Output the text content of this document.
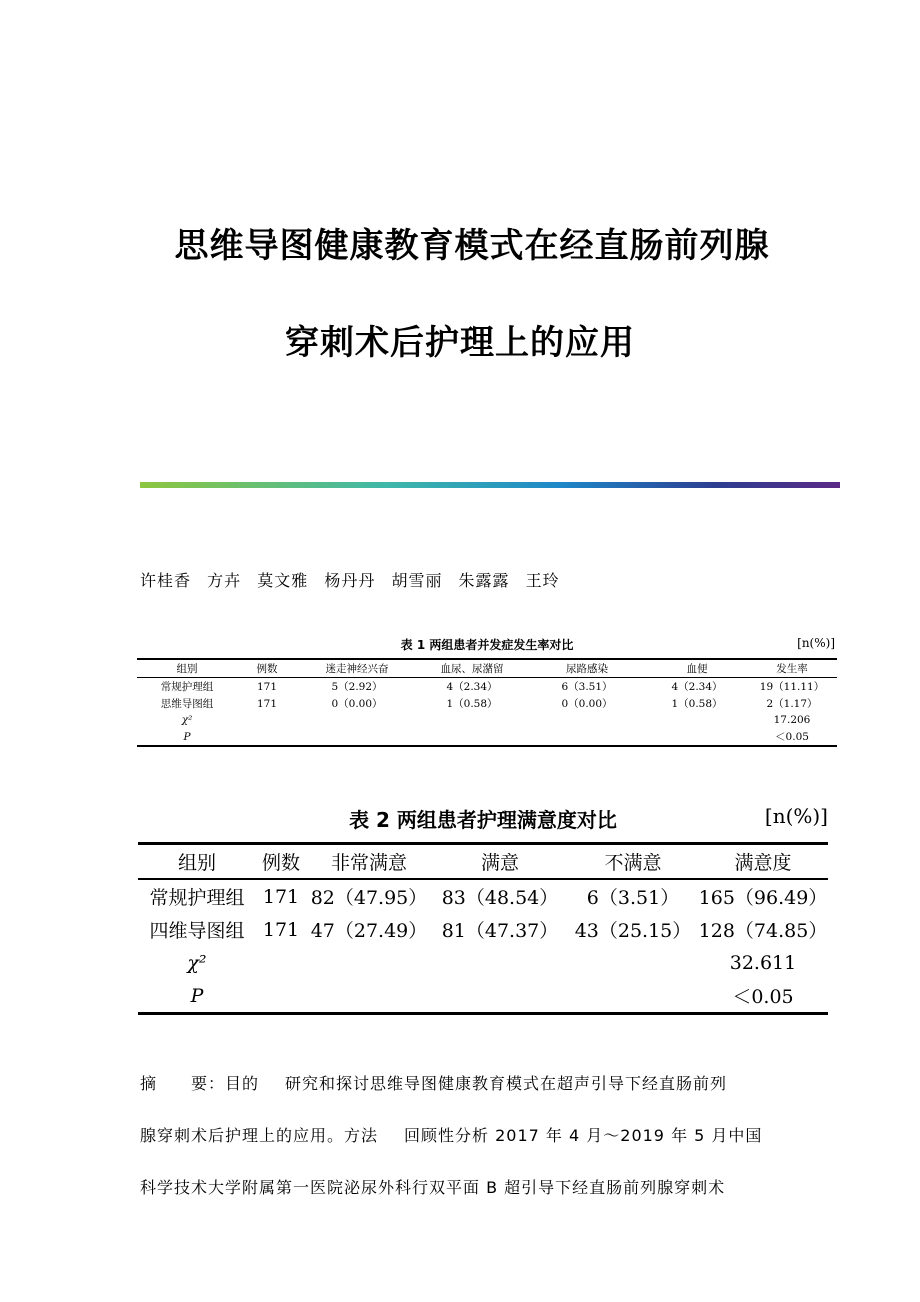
思维导图健康教育模式在经直肠前列腺
穿刺术后护理上的应用
许桂香 方卉 莫文雅 杨丹丹 胡雪丽 朱露露 王玲
表 1 两组患者并发症发生率对比	[n(%)]
组别	例数	迷走神经兴奋	血尿、尿潴留	尿路感染	血便	发生率
常规护理组	171	5（2.92）	4（2.34）	6（3.51）	4（2.34）	19（11.11）
思维导图组	171	0（0.00）	1（0.58）	0（0.00）	1（0.58）	2（1.17）
χ²						17.206
P						＜0.05
表 2 两组患者护理满意度对比	[n(%)]
组别	例数	非常满意	满意	不满意	满意度
常规护理组	171	82（47.95）	83（48.54）	6（3.51）	165（96.49）
四维导图组	171	47（27.49）	81（47.37）	43（25.15）	128（74.85）
χ²					32.611
P					＜0.05
摘　　要：目的 研究和探讨思维导图健康教育模式在超声引导下经直肠前列
腺穿刺术后护理上的应用。方法 回顾性分析 2017 年 4 月～2019 年 5 月中国
科学技术大学附属第一医院泌尿外科行双平面 B 超引导下经直肠前列腺穿刺术
